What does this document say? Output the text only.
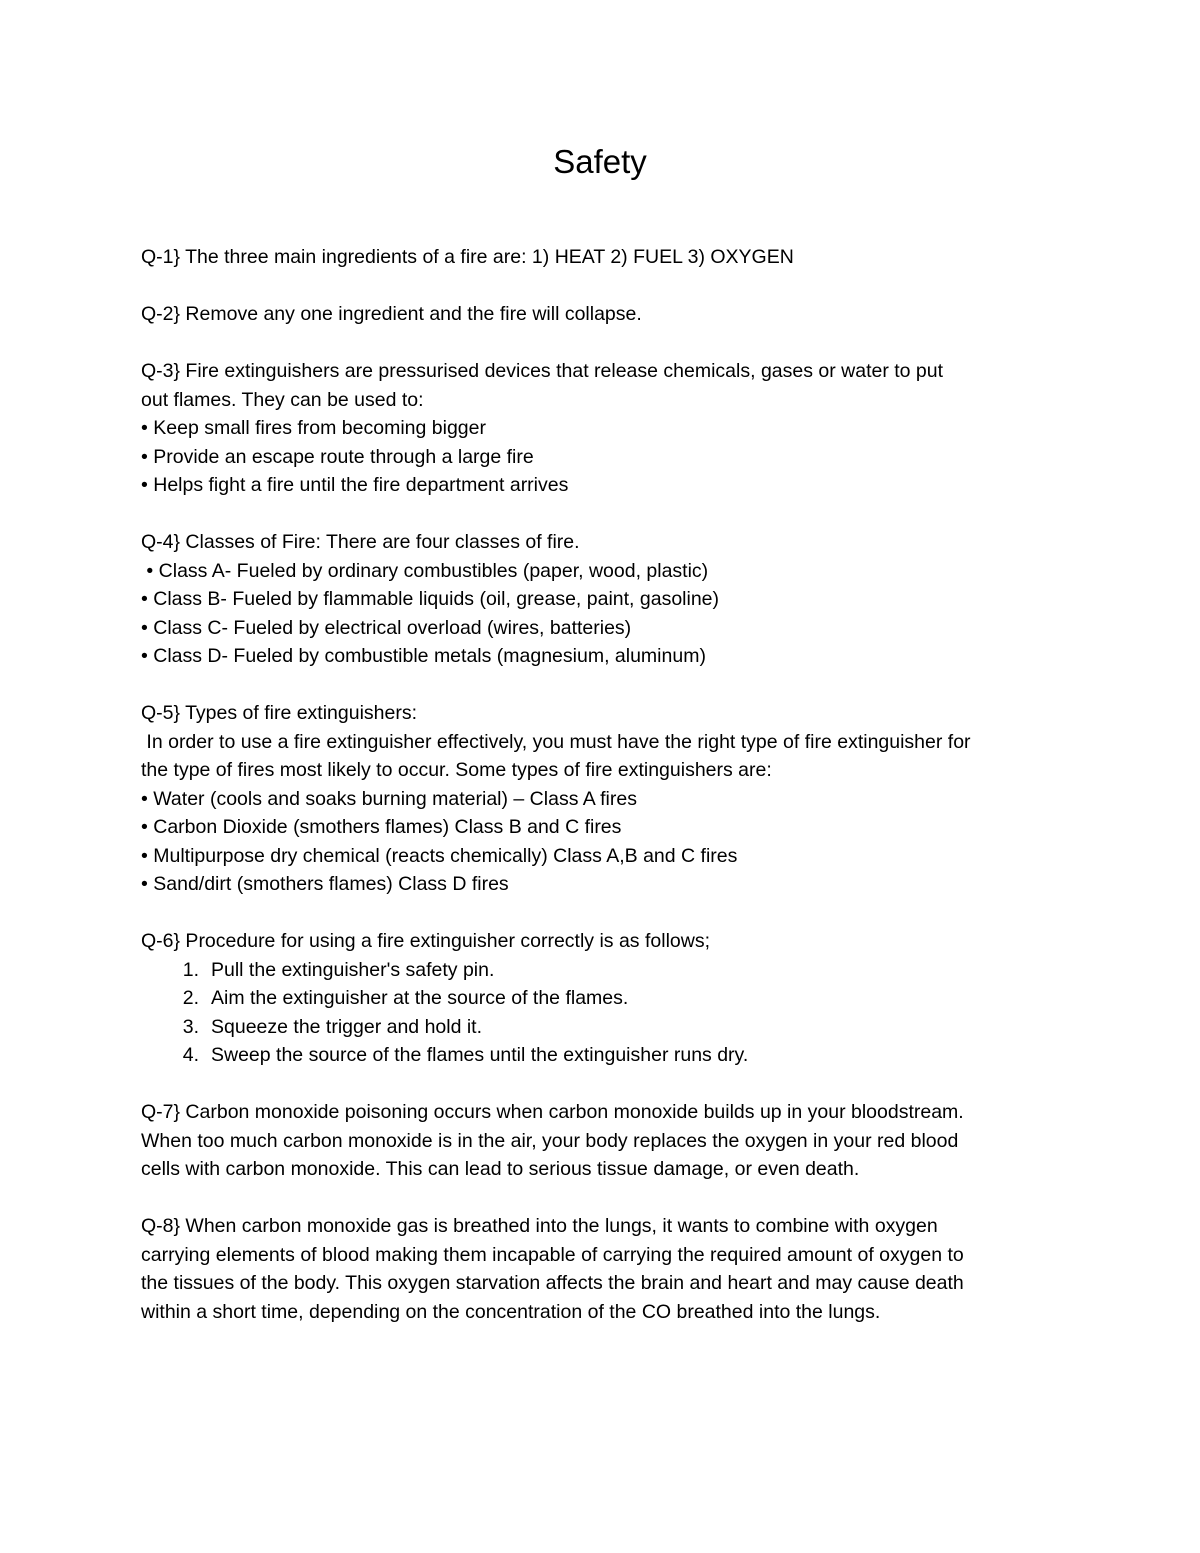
Safety

Q-1} The three main ingredients of a fire are: 1) HEAT 2) FUEL 3) OXYGEN

Q-2} Remove any one ingredient and the fire will collapse.

Q-3} Fire extinguishers are pressurised devices that release chemicals, gases or water to put
out flames. They can be used to:
• Keep small fires from becoming bigger
• Provide an escape route through a large fire
• Helps fight a fire until the fire department arrives

Q-4} Classes of Fire: There are four classes of fire.
• Class A- Fueled by ordinary combustibles (paper, wood, plastic)
• Class B- Fueled by flammable liquids (oil, grease, paint, gasoline)
• Class C- Fueled by electrical overload (wires, batteries)
• Class D- Fueled by combustible metals (magnesium, aluminum)

Q-5} Types of fire extinguishers:
In order to use a fire extinguisher effectively, you must have the right type of fire extinguisher for
the type of fires most likely to occur. Some types of fire extinguishers are:
• Water (cools and soaks burning material) – Class A fires
• Carbon Dioxide (smothers flames) Class B and C fires
• Multipurpose dry chemical (reacts chemically) Class A,B and C fires
• Sand/dirt (smothers flames) Class D fires

Q-6} Procedure for using a fire extinguisher correctly is as follows;
1. Pull the extinguisher's safety pin.
2. Aim the extinguisher at the source of the flames.
3. Squeeze the trigger and hold it.
4. Sweep the source of the flames until the extinguisher runs dry.

Q-7} Carbon monoxide poisoning occurs when carbon monoxide builds up in your bloodstream.
When too much carbon monoxide is in the air, your body replaces the oxygen in your red blood
cells with carbon monoxide. This can lead to serious tissue damage, or even death.

Q-8} When carbon monoxide gas is breathed into the lungs, it wants to combine with oxygen
carrying elements of blood making them incapable of carrying the required amount of oxygen to
the tissues of the body. This oxygen starvation affects the brain and heart and may cause death
within a short time, depending on the concentration of the CO breathed into the lungs.
